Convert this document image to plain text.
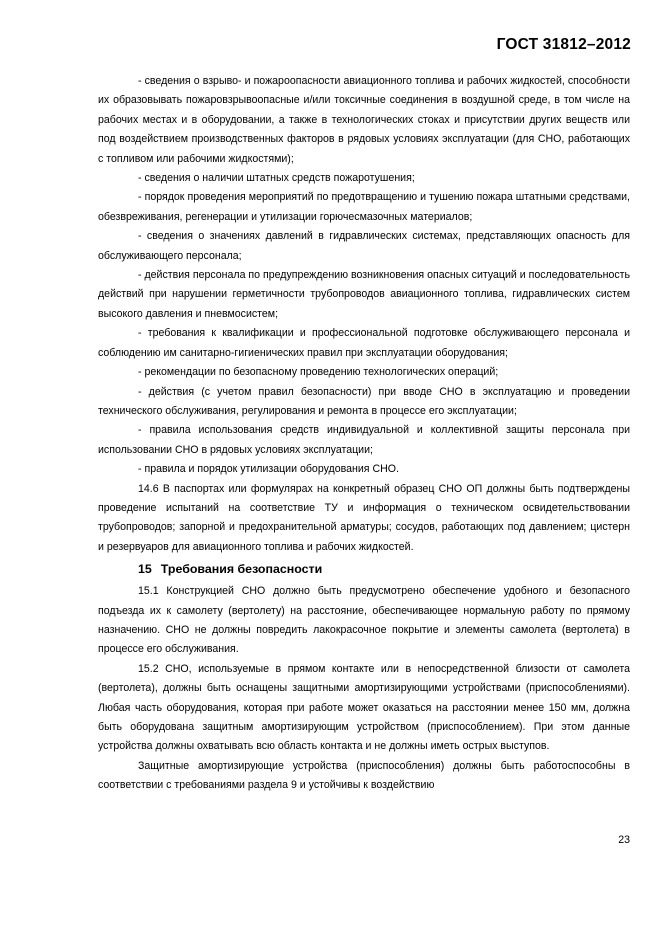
ГОСТ 31812–2012

- сведения о взрыво- и пожароопасности авиационного топлива и рабочих жидкостей, способности их образовывать пожаровзрывоопасные и/или токсичные соединения в воздушной среде, в том числе на рабочих местах и в оборудовании, а также в технологических стоках и присутствии других веществ или под воздействием производственных факторов в рядовых условиях эксплуатации (для СНО, работающих с топливом или рабочими жидкостями);

- сведения о наличии штатных средств пожаротушения;

- порядок проведения мероприятий по предотвращению и тушению пожара штатными средствами, обезвреживания, регенерации и утилизации горючесмазочных материалов;

- сведения о значениях давлений в гидравлических системах, представляющих опасность для обслуживающего персонала;

- действия персонала по предупреждению возникновения опасных ситуаций и последовательность действий при нарушении герметичности трубопроводов авиационного топлива, гидравлических систем высокого давления и пневмосистем;

- требования к квалификации и профессиональной подготовке обслуживающего персонала и соблюдению им санитарно-гигиенических правил при эксплуатации оборудования;

- рекомендации по безопасному проведению технологических операций;

- действия (с учетом правил безопасности) при вводе СНО в эксплуатацию и проведении технического обслуживания, регулирования и ремонта в процессе его эксплуатации;

- правила использования средств индивидуальной и коллективной защиты персонала при использовании СНО в рядовых условиях эксплуатации;

- правила и порядок утилизации оборудования СНО.

14.6 В паспортах или формулярах на конкретный образец СНО ОП должны быть подтверждены проведение испытаний на соответствие ТУ и информация о техническом освидетельствовании трубопроводов; запорной и предохранительной арматуры; сосудов, работающих под давлением; цистерн и резервуаров для авиационного топлива и рабочих жидкостей.

15 Требования безопасности

15.1 Конструкцией СНО должно быть предусмотрено обеспечение удобного и безопасного подъезда их к самолету (вертолету) на расстояние, обеспечивающее нормальную работу по прямому назначению. СНО не должны повредить лакокрасочное покрытие и элементы самолета (вертолета) в процессе его обслуживания.

15.2 СНО, используемые в прямом контакте или в непосредственной близости от самолета (вертолета), должны быть оснащены защитными амортизирующими устройствами (приспособлениями). Любая часть оборудования, которая при работе может оказаться на расстоянии менее 150 мм, должна быть оборудована защитным амортизирующим устройством (приспособлением). При этом данные устройства должны охватывать всю область контакта и не должны иметь острых выступов.

Защитные амортизирующие устройства (приспособления) должны быть работоспособны в соответствии с требованиями раздела 9 и устойчивы к воздействию

23
